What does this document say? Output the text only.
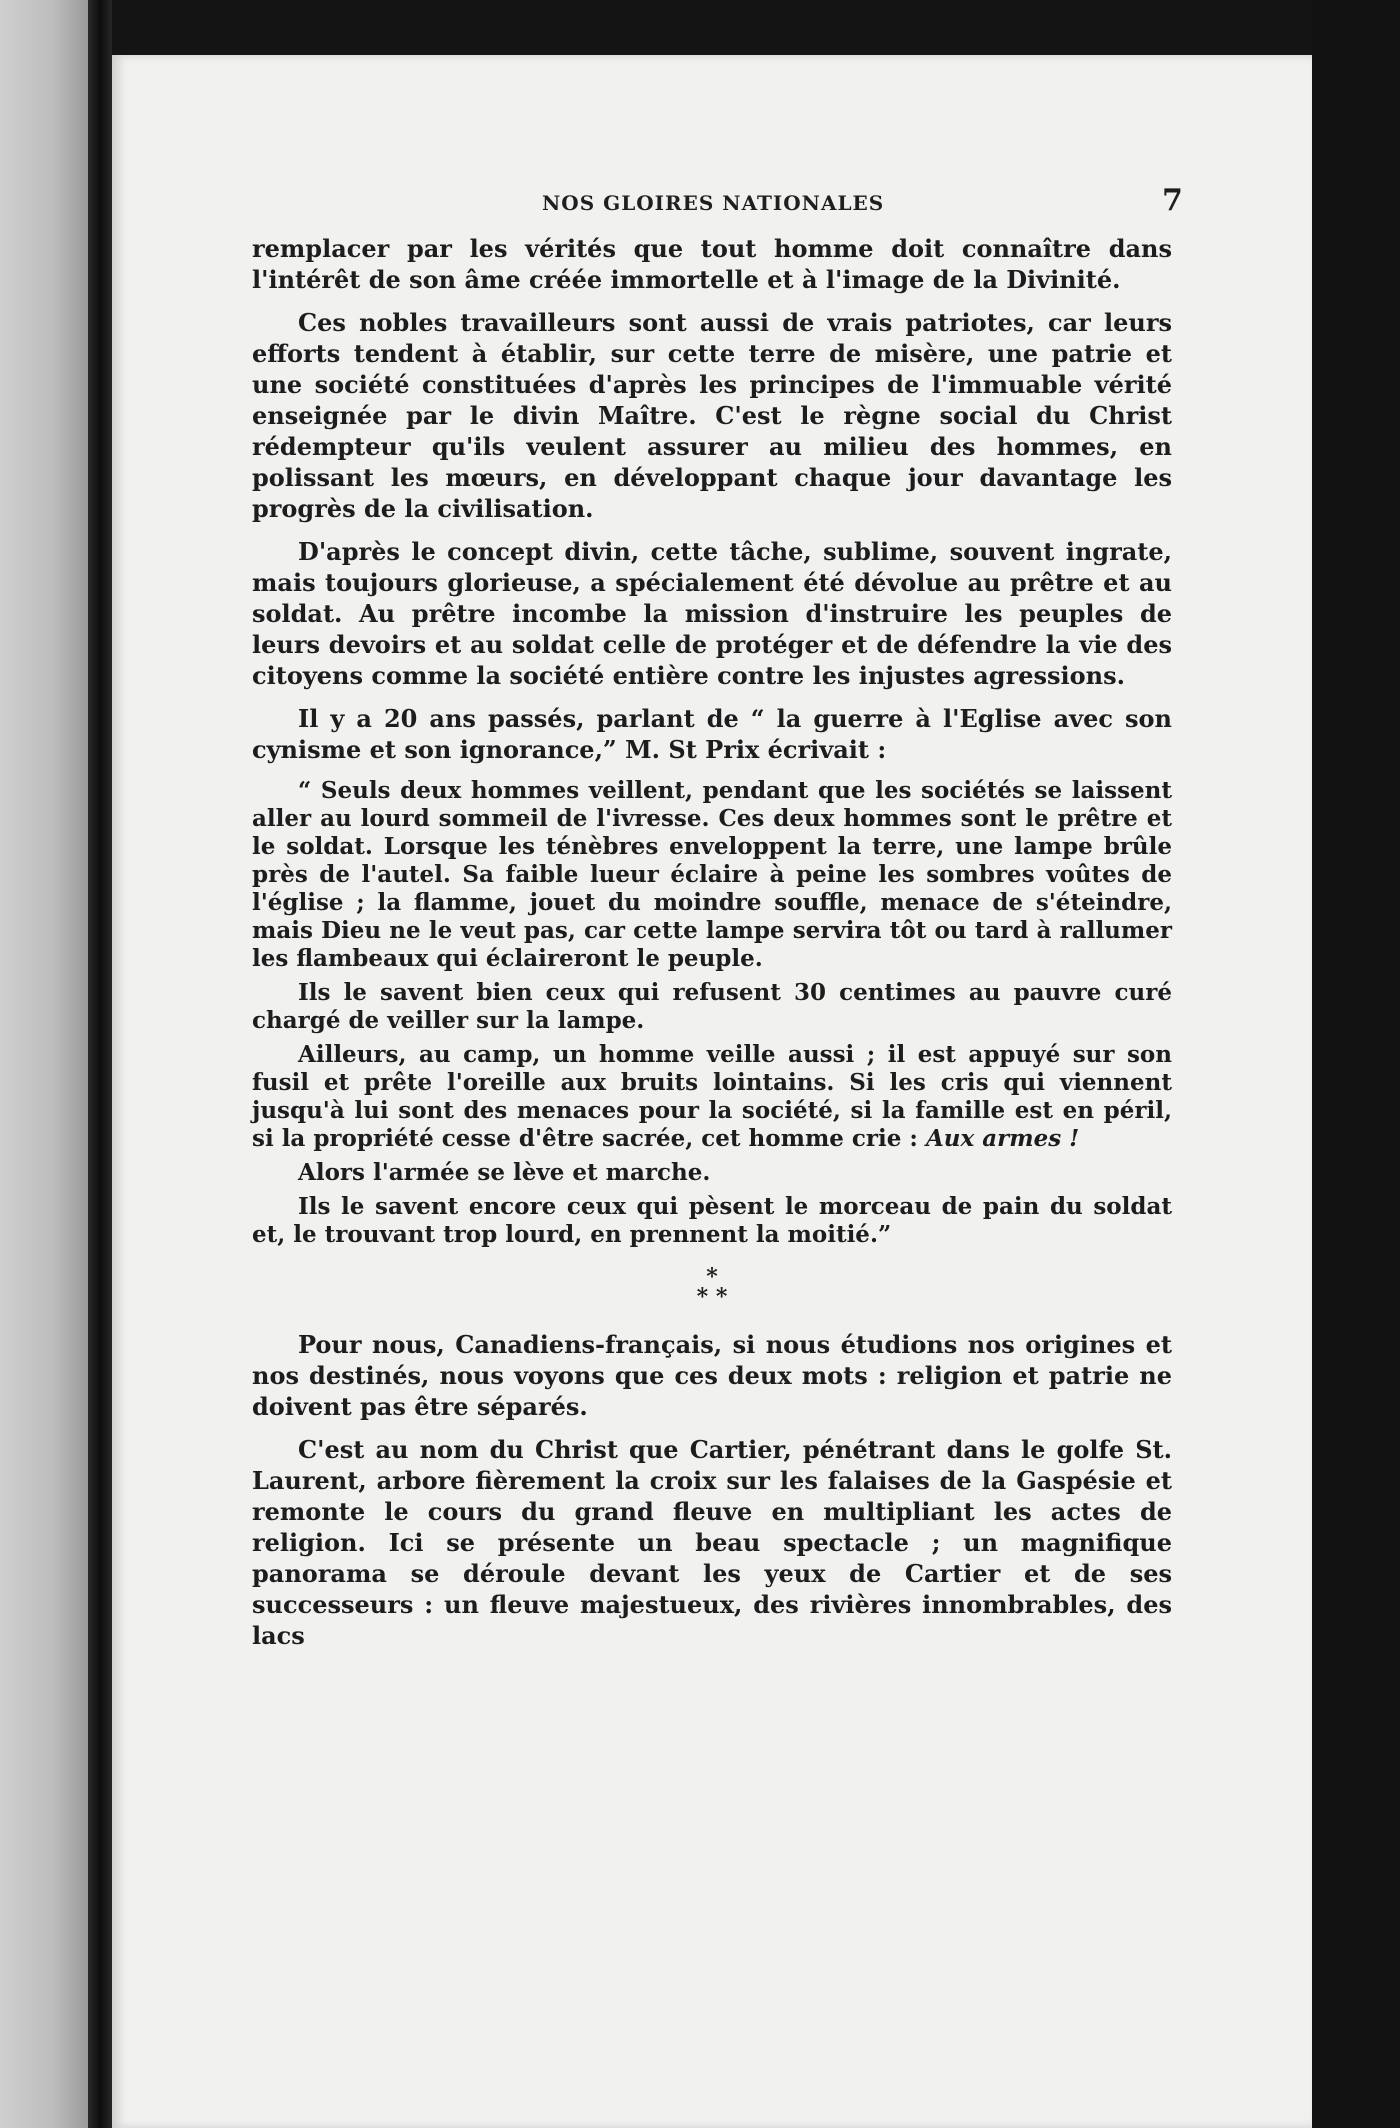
NOS GLOIRES NATIONALES	7

remplacer par les vérités que tout homme doit connaître dans l'intérêt de son âme créée immortelle et à l'image de la Divinité.

Ces nobles travailleurs sont aussi de vrais patriotes, car leurs efforts tendent à établir, sur cette terre de misère, une patrie et une société constituées d'après les principes de l'immuable vérité enseignée par le divin Maître. C'est le règne social du Christ rédempteur qu'ils veulent assurer au milieu des hommes, en polissant les mœurs, en développant chaque jour davantage les progrès de la civilisation.

D'après le concept divin, cette tâche, sublime, souvent ingrate, mais toujours glorieuse, a spécialement été dévolue au prêtre et au soldat. Au prêtre incombe la mission d'instruire les peuples de leurs devoirs et au soldat celle de protéger et de défendre la vie des citoyens comme la société entière contre les injustes agressions.

Il y a 20 ans passés, parlant de “ la guerre à l'Eglise avec son cynisme et son ignorance,” M. St Prix écrivait :

“ Seuls deux hommes veillent, pendant que les sociétés se laissent aller au lourd sommeil de l'ivresse. Ces deux hommes sont le prêtre et le soldat. Lorsque les ténèbres enveloppent la terre, une lampe brûle près de l'autel. Sa faible lueur éclaire à peine les sombres voûtes de l'église ; la flamme, jouet du moindre souffle, menace de s'éteindre, mais Dieu ne le veut pas, car cette lampe servira tôt ou tard à rallumer les flambeaux qui éclaireront le peuple.

Ils le savent bien ceux qui refusent 30 centimes au pauvre curé chargé de veiller sur la lampe.

Ailleurs, au camp, un homme veille aussi ; il est appuyé sur son fusil et prête l'oreille aux bruits lointains. Si les cris qui viennent jusqu'à lui sont des menaces pour la société, si la famille est en péril, si la propriété cesse d'être sacrée, cet homme crie : Aux armes !

Alors l'armée se lève et marche.

Ils le savent encore ceux qui pèsent le morceau de pain du soldat et, le trouvant trop lourd, en prennent la moitié.”

*
* *

Pour nous, Canadiens-français, si nous étudions nos origines et nos destinés, nous voyons que ces deux mots : religion et patrie ne doivent pas être séparés.

C'est au nom du Christ que Cartier, pénétrant dans le golfe St. Laurent, arbore fièrement la croix sur les falaises de la Gaspésie et remonte le cours du grand fleuve en multipliant les actes de religion. Ici se présente un beau spectacle ; un magnifique panorama se déroule devant les yeux de Cartier et de ses successeurs : un fleuve majestueux, des rivières innombrables, des lacs
